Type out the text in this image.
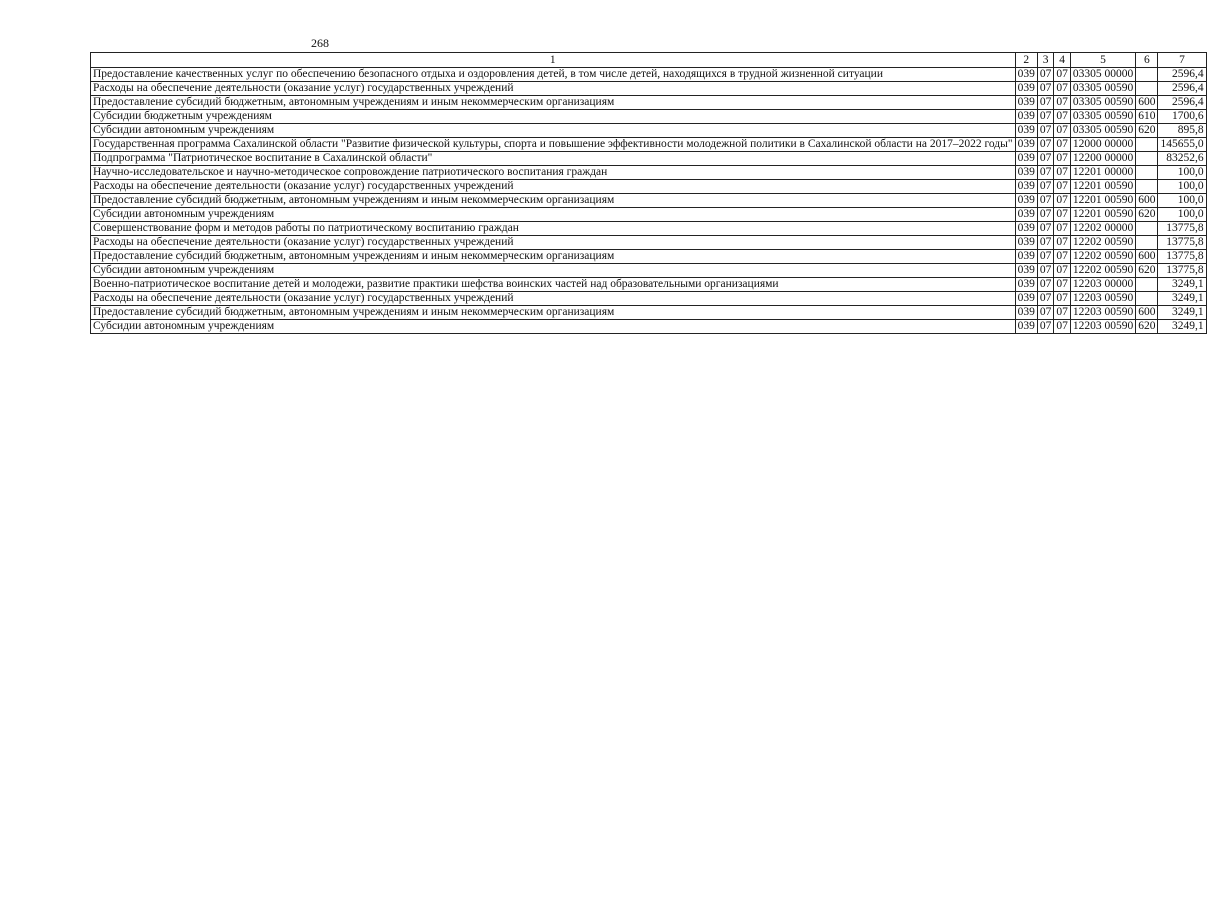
268
1	2	3	4	5	6	7
Предоставление качественных услуг по обеспечению безопасного отдыха и оздоровления детей, в том числе детей, находящихся в трудной жизненной ситуации	039	07	07	03305 00000		2596,4
Расходы на обеспечение деятельности (оказание услуг) государственных учреждений	039	07	07	03305 00590		2596,4
Предоставление субсидий бюджетным, автономным учреждениям и иным некоммерческим организациям	039	07	07	03305 00590	600	2596,4
Субсидии бюджетным учреждениям	039	07	07	03305 00590	610	1700,6
Субсидии автономным учреждениям	039	07	07	03305 00590	620	895,8
Государственная программа Сахалинской области "Развитие физической культуры, спорта и повышение эффективности молодежной политики в Сахалинской области на 2017–2022 годы"	039	07	07	12000 00000		145655,0
Подпрограмма "Патриотическое воспитание в Сахалинской области"	039	07	07	12200 00000		83252,6
Научно-исследовательское и научно-методическое сопровождение патриотического воспитания граждан	039	07	07	12201 00000		100,0
Расходы на обеспечение деятельности (оказание услуг) государственных учреждений	039	07	07	12201 00590		100,0
Предоставление субсидий бюджетным, автономным учреждениям и иным некоммерческим организациям	039	07	07	12201 00590	600	100,0
Субсидии автономным учреждениям	039	07	07	12201 00590	620	100,0
Совершенствование форм и методов работы по патриотическому воспитанию граждан	039	07	07	12202 00000		13775,8
Расходы на обеспечение деятельности (оказание услуг) государственных учреждений	039	07	07	12202 00590		13775,8
Предоставление субсидий бюджетным, автономным учреждениям и иным некоммерческим организациям	039	07	07	12202 00590	600	13775,8
Субсидии автономным учреждениям	039	07	07	12202 00590	620	13775,8
Военно-патриотическое воспитание детей и молодежи, развитие практики шефства воинских частей над образовательными организациями	039	07	07	12203 00000		3249,1
Расходы на обеспечение деятельности (оказание услуг) государственных учреждений	039	07	07	12203 00590		3249,1
Предоставление субсидий бюджетным, автономным учреждениям и иным некоммерческим организациям	039	07	07	12203 00590	600	3249,1
Субсидии автономным учреждениям	039	07	07	12203 00590	620	3249,1
